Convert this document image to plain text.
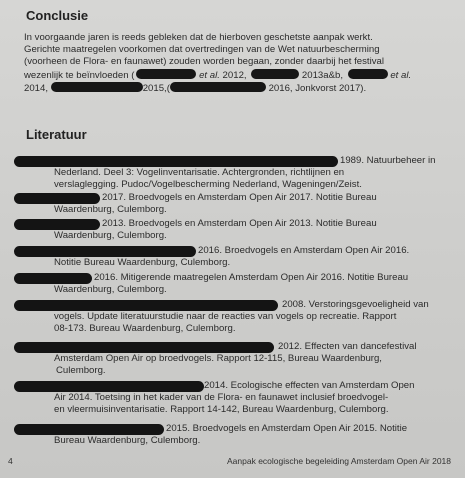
Conclusie
In voorgaande jaren is reeds gebleken dat de hierboven geschetste aanpak werkt.
Gerichte maatregelen voorkomen dat overtredingen van de Wet natuurbescherming
(voorheen de Flora- en faunawet) zouden worden begaan, zonder daarbij het festival
wezenlijk te beïnvloeden (	et al. 2012,	2013a&b,	et al.
2014,	2015,(	2016, Jonkvorst 2017).
Literatuur
1989. Natuurbeheer in
Nederland. Deel 3: Vogelinventarisatie. Achtergronden, richtlijnen en
verslaglegging. Pudoc/Vogelbescherming Nederland, Wageningen/Zeist.
2017. Broedvogels en Amsterdam Open Air 2017. Notitie Bureau
Waardenburg, Culemborg.
2013. Broedvogels en Amsterdam Open Air 2013. Notitie Bureau
Waardenburg, Culemborg.
2016. Broedvogels en Amsterdam Open Air 2016.
Notitie Bureau Waardenburg, Culemborg.
2016. Mitigerende maatregelen Amsterdam Open Air 2016. Notitie Bureau
Waardenburg, Culemborg.
2008. Verstoringsgevoeligheid van
vogels. Update literatuurstudie naar de reacties van vogels op recreatie. Rapport
08-173. Bureau Waardenburg, Culemborg.
2012. Effecten van dancefestival
Amsterdam Open Air op broedvogels. Rapport 12-115, Bureau Waardenburg,
Culemborg.
2014. Ecologische effecten van Amsterdam Open
Air 2014. Toetsing in het kader van de Flora- en faunawet inclusief broedvogel-
en vleermuisinventarisatie. Rapport 14-142, Bureau Waardenburg, Culemborg.
2015. Broedvogels en Amsterdam Open Air 2015. Notitie
Bureau Waardenburg, Culemborg.
4	Aanpak ecologische begeleiding Amsterdam Open Air 2018
